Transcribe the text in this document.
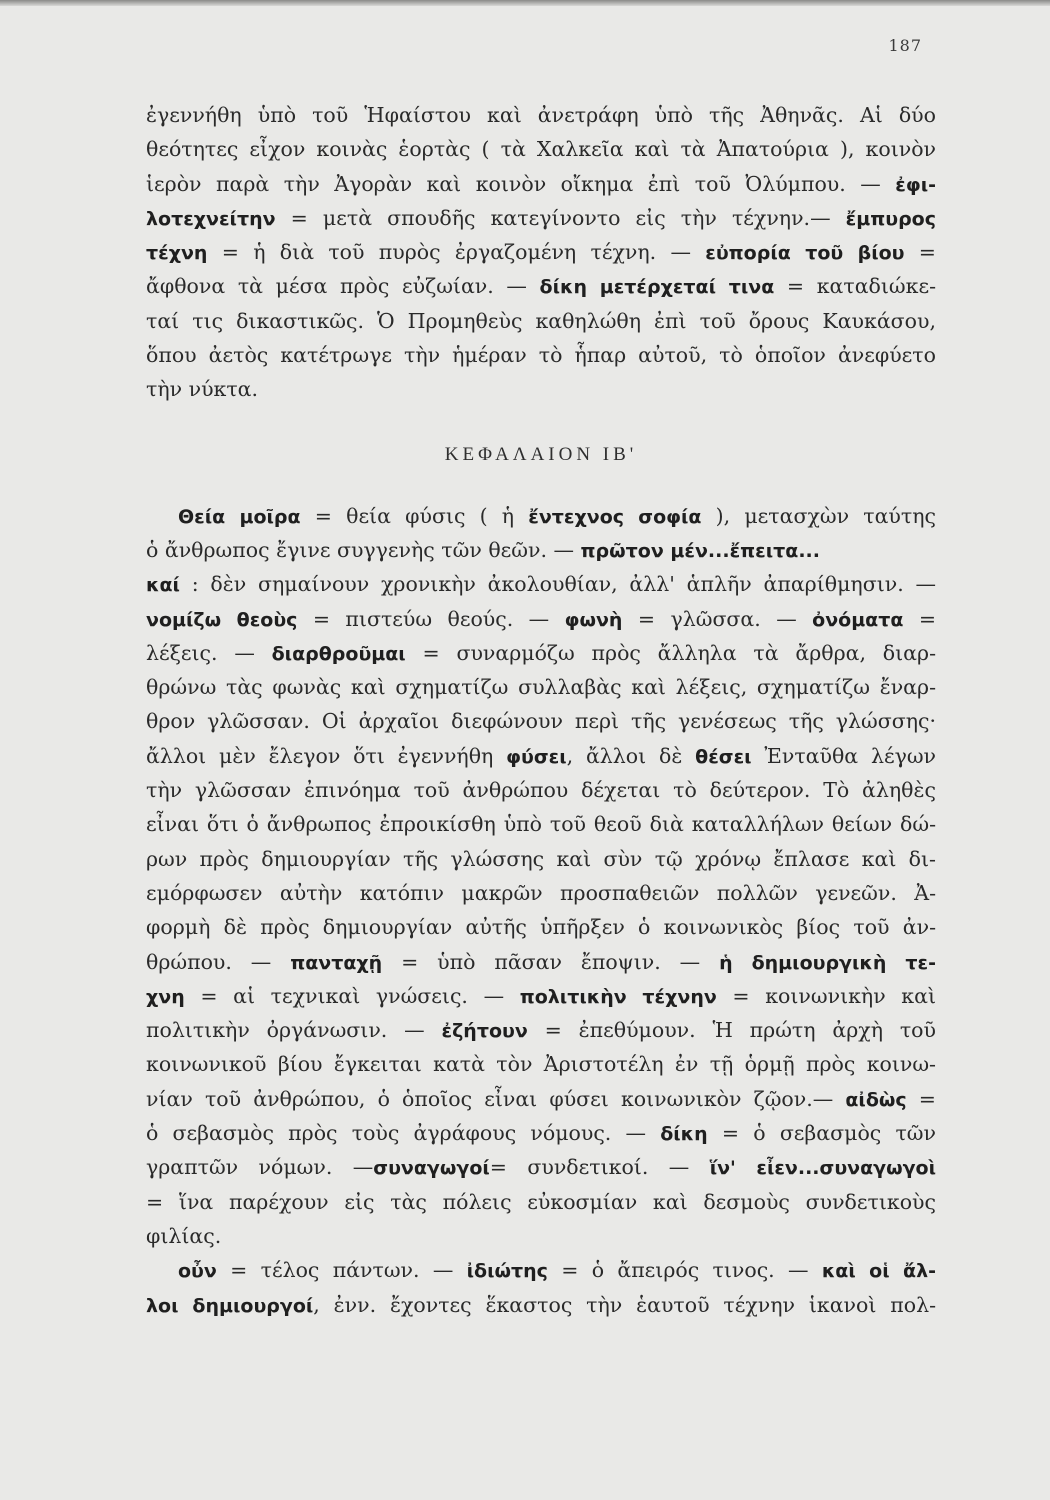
187
ἐγεννήθη ὑπὸ τοῦ Ἡφαίστου καὶ ἀνετράφη ὑπὸ τῆς Ἀθηνᾶς. Αἱ δύο
θεότητες εἶχον κοινὰς ἑορτὰς ( τὰ Χαλκεῖα καὶ τὰ Ἀπατούρια ), κοινὸν
ἱερὸν παρὰ τὴν Ἀγορὰν καὶ κοινὸν οἴκημα ἐπὶ τοῦ Ὀλύμπου. — ἐφι-
λοτεχνείτην = μετὰ σπουδῆς κατεγίνοντο εἰς τὴν τέχνην.— ἔμπυρος
τέχνη = ἡ διὰ τοῦ πυρὸς ἐργαζομένη τέχνη. — εὐπορία τοῦ βίου =
ἄφθονα τὰ μέσα πρὸς εὐζωίαν. — δίκη μετέρχεταί τινα = καταδιώκε-
ταί τις δικαστικῶς. Ὁ Προμηθεὺς καθηλώθη ἐπὶ τοῦ ὄρους Καυκάσου,
ὅπου ἀετὸς κατέτρωγε τὴν ἡμέραν τὸ ἧπαρ αὐτοῦ, τὸ ὁποῖον ἀνεφύετο
τὴν νύκτα.
ΚΕΦΑΛΑΙΟΝ ΙΒ'
Θεία μοῖρα = θεία φύσις ( ἡ ἔντεχνος σοφία ), μετασχὼν ταύτης
ὁ ἄνθρωπος ἔγινε συγγενὴς τῶν θεῶν. — πρῶτον μέν...ἔπειτα...
καί : δὲν σημαίνουν χρονικὴν ἀκολουθίαν, ἀλλ' ἁπλῆν ἀπαρίθμησιν. —
νομίζω θεοὺς = πιστεύω θεούς. — φωνὴ = γλῶσσα. — ὀνόματα =
λέξεις. — διαρθροῦμαι = συναρμόζω πρὸς ἄλληλα τὰ ἄρθρα, διαρ-
θρώνω τὰς φωνὰς καὶ σχηματίζω συλλαβὰς καὶ λέξεις, σχηματίζω ἔναρ-
θρον γλῶσσαν. Οἱ ἀρχαῖοι διεφώνουν περὶ τῆς γενέσεως τῆς γλώσσης·
ἄλλοι μὲν ἔλεγον ὅτι ἐγεννήθη φύσει, ἄλλοι δὲ θέσει Ἐνταῦθα λέγων
τὴν γλῶσσαν ἐπινόημα τοῦ ἀνθρώπου δέχεται τὸ δεύτερον. Τὸ ἀληθὲς
εἶναι ὅτι ὁ ἄνθρωπος ἐπροικίσθη ὑπὸ τοῦ θεοῦ διὰ καταλλήλων θείων δώ-
ρων πρὸς δημιουργίαν τῆς γλώσσης καὶ σὺν τῷ χρόνῳ ἔπλασε καὶ δι-
εμόρφωσεν αὐτὴν κατόπιν μακρῶν προσπαθειῶν πολλῶν γενεῶν. Ἀ-
φορμὴ δὲ πρὸς δημιουργίαν αὐτῆς ὑπῆρξεν ὁ κοινωνικὸς βίος τοῦ ἀν-
θρώπου. — πανταχῇ = ὑπὸ πᾶσαν ἔποψιν. — ἡ δημιουργικὴ τε-
χνη = αἱ τεχνικαὶ γνώσεις. — πολιτικὴν τέχνην = κοινωνικὴν καὶ
πολιτικὴν ὀργάνωσιν. — ἐζήτουν = ἐπεθύμουν. Ἡ πρώτη ἀρχὴ τοῦ
κοινωνικοῦ βίου ἔγκειται κατὰ τὸν Ἀριστοτέλη ἐν τῇ ὁρμῇ πρὸς κοινω-
νίαν τοῦ ἀνθρώπου, ὁ ὁποῖος εἶναι φύσει κοινωνικὸν ζῷον.— αἰδὼς =
ὁ σεβασμὸς πρὸς τοὺς ἀγράφους νόμους. — δίκη = ὁ σεβασμὸς τῶν
γραπτῶν νόμων. —συναγωγοί= συνδετικοί. — ἵν' εἶεν...συναγωγοὶ
= ἵνα παρέχουν εἰς τὰς πόλεις εὐκοσμίαν καὶ δεσμοὺς συνδετικοὺς
φιλίας.
οὖν = τέλος πάντων. — ἰδιώτης = ὁ ἄπειρός τινος. — καὶ οἱ ἄλ-
λοι δημιουργοί, ἐνν. ἔχοντες ἕκαστος τὴν ἑαυτοῦ τέχνην ἱκανοὶ πολ-
